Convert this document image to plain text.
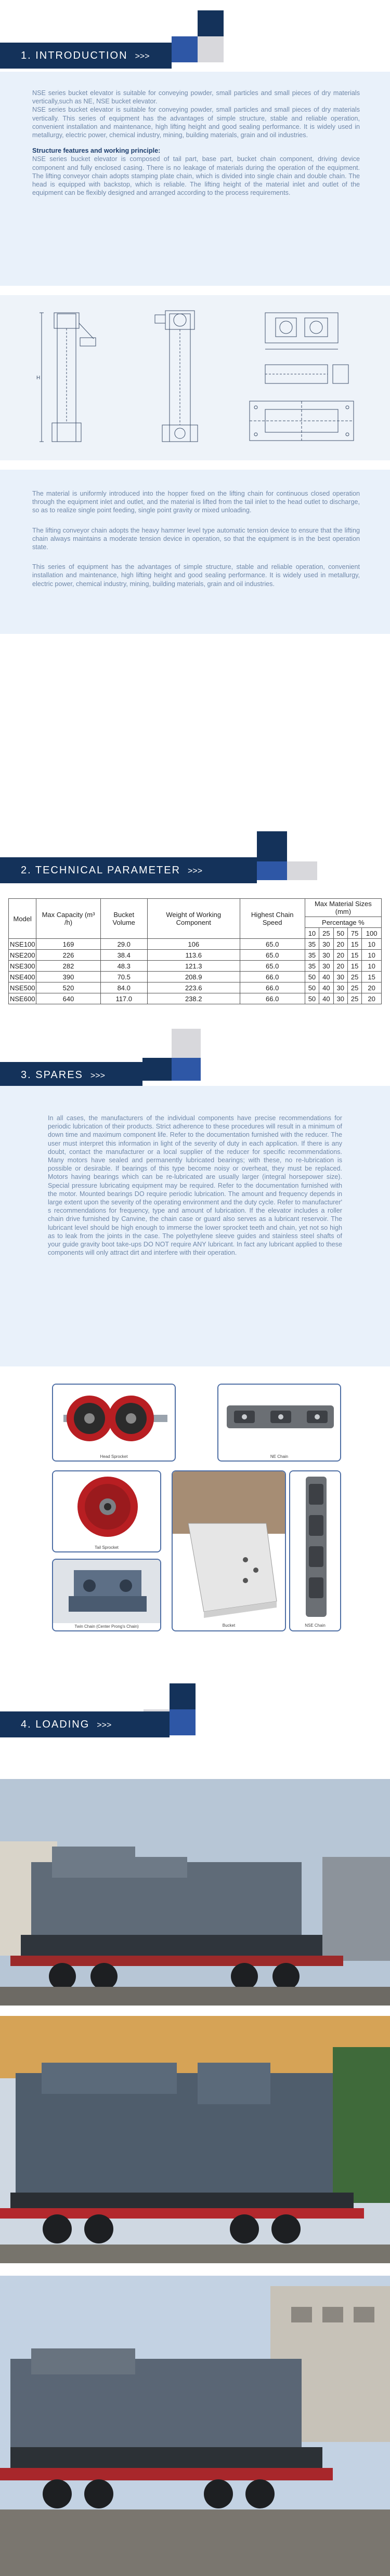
1. INTRODUCTION >>>

NSE series bucket elevator is suitable for conveying powder, small particles and small pieces of dry materials vertically,such as NE, NSE bucket elevator.

NSE series bucket elevator is suitable for conveying powder, small particles and small pieces of dry materials vertically. This series of equipment has the advantages of simple structure, stable and reliable operation, convenient installation and maintenance, high lifting height and good sealing performance. It is widely used in metallurgy, electric power, chemical industry, mining, building materials, grain and oil industries.

Structure features and working principle:

NSE series bucket elevator is composed of tail part, base part, bucket chain component, driving device component and fully enclosed casing. There is no leakage of materials during the operation of the equipment. The lifting conveyor chain adopts stamping plate chain, which is divided into single chain and double chain. The head is equipped with backstop, which is reliable. The lifting height of the material inlet and outlet of the equipment can be flexibly designed and arranged according to the process requirements.

H

The material is uniformly introduced into the hopper fixed on the lifting chain for continuous closed operation through the equipment inlet and outlet, and the material is lifted from the tail inlet to the head outlet to discharge, so as to realize single point feeding, single point gravity or mixed unloading.

The lifting conveyor chain adopts the heavy hammer level type automatic tension device to ensure that the lifting chain always maintains a moderate tension device in operation, so that the equipment is in the best operation state.

This series of equipment has the advantages of simple structure, stable and reliable operation, convenient installation and maintenance, high lifting height and good sealing performance. It is widely used in metallurgy, electric power, chemical industry, mining, building materials, grain and oil industries.

2. TECHNICAL PARAMETER >>>
Model	Max Capacity (m³ /h)	Bucket Volume	Weight of Working Component	Highest Chain Speed	Max Material Sizes (mm)				
					Percentage %				
					10	25	50	75	100
NSE100	169	29.0	106	65.0	35	30	20	15	10
NSE200	226	38.4	113.6	65.0	35	30	20	15	10
NSE300	282	48.3	121.3	65.0	35	30	20	15	10
NSE400	390	70.5	208.9	66.0	50	40	30	25	15
NSE500	520	84.0	223.6	66.0	50	40	30	25	20
NSE600	640	117.0	238.2	66.0	50	40	30	25	20
3. SPARES >>>
In all cases, the manufacturers of the individual components have precise recommendations for periodic lubrication of their products. Strict adherence to these procedures will result in a minimum of down time and maximum component life. Refer to the documentation furnished with the reducer. The user must interpret this information in light of the severity of duty in each application. If there is any doubt, contact the manufacturer or a local supplier of the reducer for specific recommendations. Many motors have sealed and permanently lubricated bearings; with these, no re-lubrication is possible or desirable. If bearings of this type become noisy or overheat, they must be replaced. Motors having bearings which can be re-lubricated are usually larger (integral horsepower size). Special pressure lubricating equipment may be required. Refer to the documentation furnished with the motor. Mounted bearings DO require periodic lubrication. The amount and frequency depends in large extent upon the severity of the operating environment and the duty cycle. Refer to manufacturer' s recommendations for frequency, type and amount of lubrication. If the elevator includes a roller chain drive furnished by Canvine, the chain case or guard also serves as a lubricant reservoir. The lubricant level should be high enough to immerse the lower sprocket teeth and chain, yet not so high as to leak from the joints in the case. The polyethylene sleeve guides and stainless steel shafts of your guide gravity boot take-ups DO NOT require ANY lubricant. In fact any lubricant applied to these components will only attract dirt and interfere with their operation.
Head Sprocket	NE Chain
Tail Sprocket
Bucket	NSE Chain
Twin Chain (Center Prong's Chain)
4. LOADING >>>
